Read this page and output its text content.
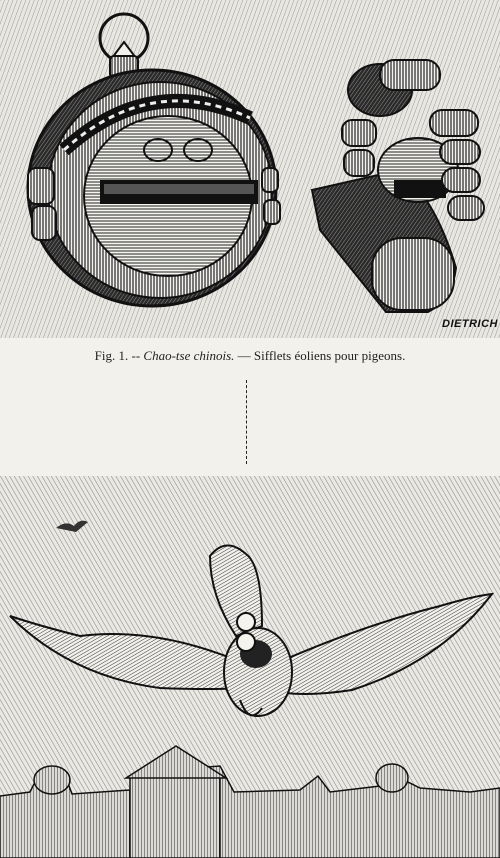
DIETRICH
Fig. 1. -- Chao-tse chinois. — Sifflets éoliens pour pigeons.
